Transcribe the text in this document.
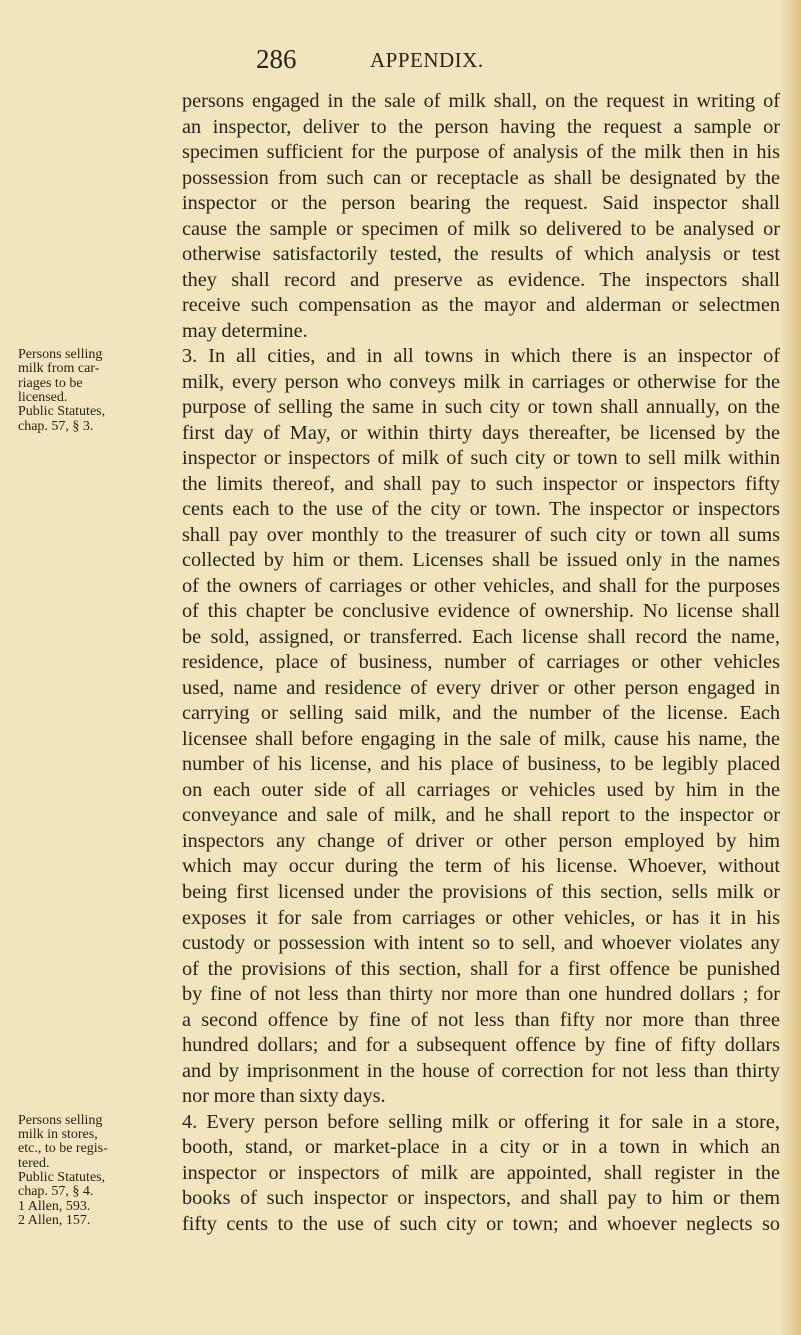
286	APPENDIX.
persons engaged in the sale of milk shall, on the request in writing of
an inspector, deliver to the person having the request a sample or
specimen sufficient for the purpose of analysis of the milk then in his
possession from such can or receptacle as shall be designated by the
inspector or the person bearing the request. Said inspector shall
cause the sample or specimen of milk so delivered to be analysed or
otherwise satisfactorily tested, the results of which analysis or test
they shall record and preserve as evidence. The inspectors shall
receive such compensation as the mayor and alderman or selectmen
may determine.
3. In all cities, and in all towns in which there is an inspector of
milk, every person who conveys milk in carriages or otherwise for the
purpose of selling the same in such city or town shall annually, on the
first day of May, or within thirty days thereafter, be licensed by the
inspector or inspectors of milk of such city or town to sell milk within
the limits thereof, and shall pay to such inspector or inspectors fifty
cents each to the use of the city or town. The inspector or inspectors
shall pay over monthly to the treasurer of such city or town all sums
collected by him or them. Licenses shall be issued only in the names
of the owners of carriages or other vehicles, and shall for the purposes
of this chapter be conclusive evidence of ownership. No license shall
be sold, assigned, or transferred. Each license shall record the name,
residence, place of business, number of carriages or other vehicles
used, name and residence of every driver or other person engaged in
carrying or selling said milk, and the number of the license. Each
licensee shall before engaging in the sale of milk, cause his name, the
number of his license, and his place of business, to be legibly placed
on each outer side of all carriages or vehicles used by him in the
conveyance and sale of milk, and he shall report to the inspector or
inspectors any change of driver or other person employed by him
which may occur during the term of his license. Whoever, without
being first licensed under the provisions of this section, sells milk or
exposes it for sale from carriages or other vehicles, or has it in his
custody or possession with intent so to sell, and whoever violates any
of the provisions of this section, shall for a first offence be punished
by fine of not less than thirty nor more than one hundred dollars ; for
a second offence by fine of not less than fifty nor more than three
hundred dollars; and for a subsequent offence by fine of fifty dollars
and by imprisonment in the house of correction for not less than thirty
nor more than sixty days.
4. Every person before selling milk or offering it for sale in a store,
booth, stand, or market-place in a city or in a town in which an
inspector or inspectors of milk are appointed, shall register in the
books of such inspector or inspectors, and shall pay to him or them
fifty cents to the use of such city or town; and whoever neglects so
Persons selling
milk from car-
riages to be
licensed.
Public Statutes,
chap. 57, § 3.
Persons selling
milk in stores,
etc., to be regis-
tered.
Public Statutes,
chap. 57, § 4.
1 Allen, 593.
2 Allen, 157.
